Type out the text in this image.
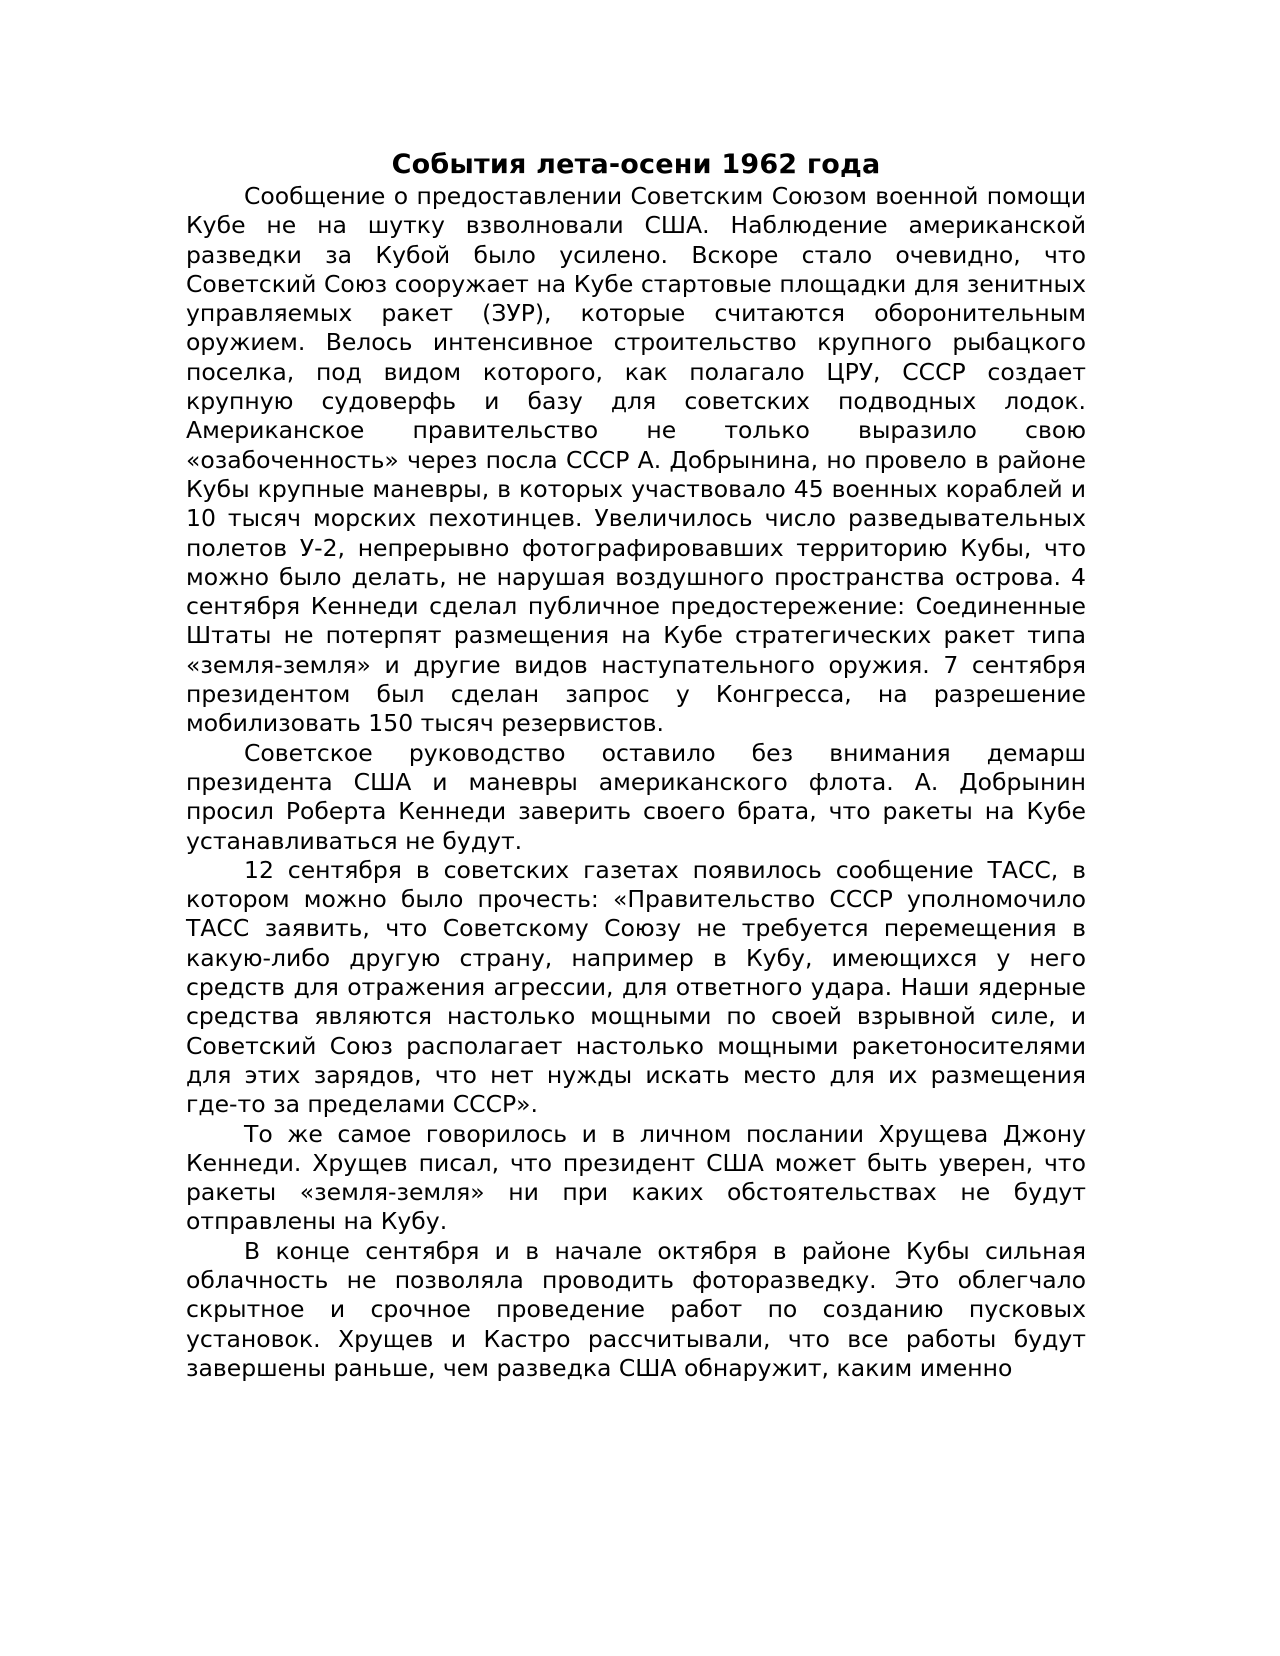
События лета-осени 1962 года

Сообщение о предоставлении Советским Союзом военной помощи Кубе не на шутку взволновали США. Наблюдение американской разведки за Кубой было усилено. Вскоре стало очевидно, что Советский Союз сооружает на Кубе стартовые площадки для зенитных управляемых ракет (ЗУР), которые считаются оборонительным оружием. Велось интенсивное строительство крупного рыбацкого поселка, под видом которого, как полагало ЦРУ, СССР создает крупную судоверфь и базу для советских подводных лодок. Американское правительство не только выразило свою «озабоченность» через посла СССР А. Добрынина, но провело в районе Кубы крупные маневры, в которых участвовало 45 военных кораблей и 10 тысяч морских пехотинцев. Увеличилось число разведывательных полетов У-2, непрерывно фотографировавших территорию Кубы, что можно было делать, не нарушая воздушного пространства острова. 4 сентября Кеннеди сделал публичное предостережение: Соединенные Штаты не потерпят размещения на Кубе стратегических ракет типа «земля-земля» и другие видов наступательного оружия. 7 сентября президентом был сделан запрос у Конгресса, на разрешение мобилизовать 150 тысяч резервистов.

Советское руководство оставило без внимания демарш президента США и маневры американского флота. А. Добрынин просил Роберта Кеннеди заверить своего брата, что ракеты на Кубе устанавливаться не будут.

12 сентября в советских газетах появилось сообщение ТАСС, в котором можно было прочесть: «Правительство СССР уполномочило ТАСС заявить, что Советскому Союзу не требуется перемещения в какую-либо другую страну, например в Кубу, имеющихся у него средств для отражения агрессии, для ответного удара. Наши ядерные средства являются настолько мощными по своей взрывной силе, и Советский Союз располагает настолько мощными ракетоносителями для этих зарядов, что нет нужды искать место для их размещения где-то за пределами СССР».

То же самое говорилось и в личном послании Хрущева Джону Кеннеди. Хрущев писал, что президент США может быть уверен, что ракеты «земля-земля» ни при каких обстоятельствах не будут отправлены на Кубу.

В конце сентября и в начале октября в районе Кубы сильная облачность не позволяла проводить фоторазведку. Это облегчало скрытное и срочное проведение работ по созданию пусковых установок. Хрущев и Кастро рассчитывали, что все работы будут завершены раньше, чем разведка США обнаружит, каким именно
